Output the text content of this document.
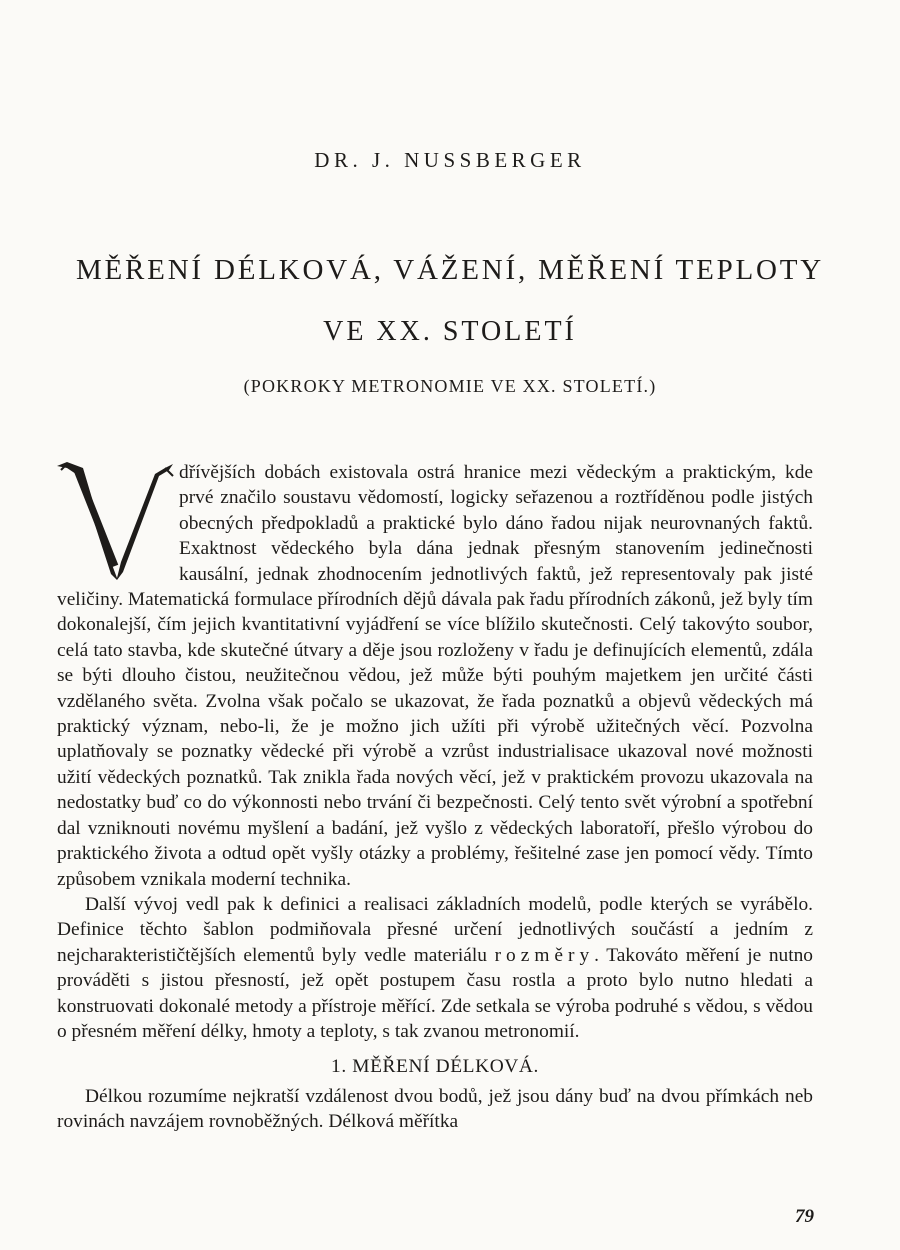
DR. J. NUSSBERGER
MĚŘENÍ DÉLKOVÁ, VÁŽENÍ, MĚŘENÍ TEPLOTY
VE XX. STOLETÍ
(POKROKY METRONOMIE VE XX. STOLETÍ.)

dřívějších dobách existovala ostrá hranice mezi vědeckým a praktickým, kde prvé značilo soustavu vědomostí, logicky seřazenou a roztříděnou podle jistých obecných předpokladů a praktické bylo dáno řadou nijak neurovnaných faktů. Exaktnost vědeckého byla dána jednak přesným stanovením jedinečnosti kausální, jednak zhodnocením jednotlivých faktů, jež representovaly pak jisté veličiny. Matematická formulace přírodních dějů dávala pak řadu přírodních zákonů, jež byly tím dokonalejší, čím jejich kvantitativní vyjádření se více blížilo skutečnosti. Celý takovýto soubor, celá tato stavba, kde skutečné útvary a děje jsou rozloženy v řadu je definujících elementů, zdála se býti dlouho čistou, neužitečnou vědou, jež může býti pouhým majetkem jen určité části vzdělaného světa. Zvolna však počalo se ukazovat, že řada poznatků a objevů vědeckých má praktický význam, nebo-li, že je možno jich užíti při výrobě užitečných věcí. Pozvolna uplatňovaly se poznatky vědecké při výrobě a vzrůst industrialisace ukazoval nové možnosti užití vědeckých poznatků. Tak znikla řada nových věcí, jež v praktickém provozu ukazovala na nedostatky buď co do výkonnosti nebo trvání či bezpečnosti. Celý tento svět výrobní a spotřební dal vzniknouti novému myšlení a badání, jež vyšlo z vědeckých laboratoří, přešlo výrobou do praktického života a odtud opět vyšly otázky a problémy, řešitelné zase jen pomocí vědy. Tímto způsobem vznikala moderní technika.

Další vývoj vedl pak k definici a realisaci základních modelů, podle kterých se vyrábělo. Definice těchto šablon podmiňovala přesné určení jednotlivých součástí a jedním z nejcharakterističtějších elementů byly vedle materiálu rozměry. Takováto měření je nutno prováděti s jistou přesností, jež opět postupem času rostla a proto bylo nutno hledati a konstruovati dokonalé metody a přístroje měřící. Zde setkala se výroba podruhé s vědou, s vědou o přesném měření délky, hmoty a teploty, s tak zvanou metronomií.

1. MĚŘENÍ DÉLKOVÁ.

Délkou rozumíme nejkratší vzdálenost dvou bodů, jež jsou dány buď na dvou přímkách neb rovinách navzájem rovnoběžných. Délková měřítka

79
